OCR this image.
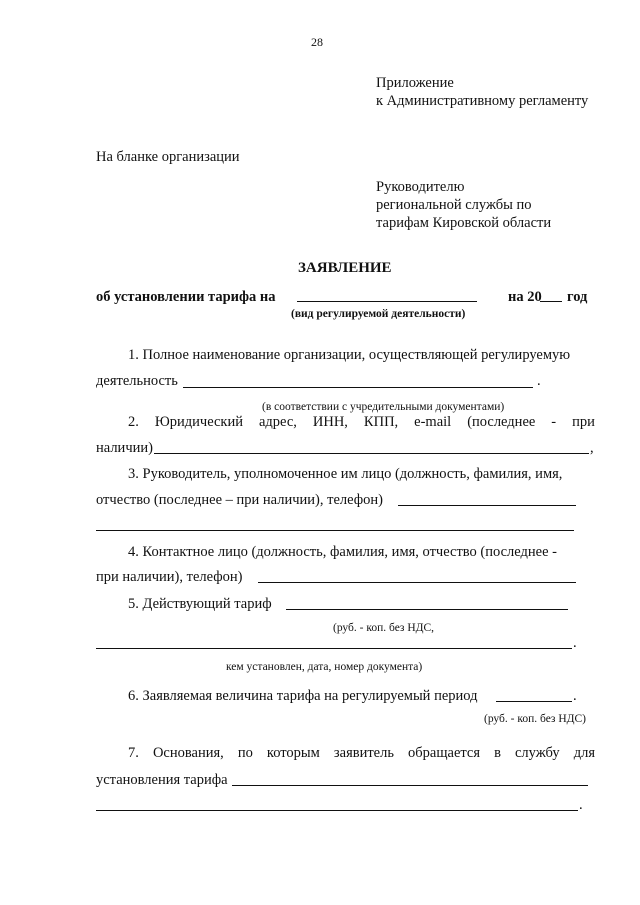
28
Приложение
к Административному регламенту
На бланке организации
Руководителю
региональной службы по
тарифам Кировской области
ЗАЯВЛЕНИЕ
об установлении тарифа на	на 20 год
(вид регулируемой деятельности)
1. Полное наименование организации, осуществляющей регулируемую
деятельность	.
(в соответствии с учредительными документами)
2. Юридический адрес, ИНН, КПП, e-mail (последнее - при
наличии)	,
3. Руководитель, уполномоченное им лицо (должность, фамилия, имя,
отчество (последнее – при наличии), телефон)
4. Контактное лицо (должность, фамилия, имя, отчество (последнее -
при наличии), телефон)
5. Действующий тариф
(руб. - коп. без НДС,
.
кем установлен, дата, номер документа)
6. Заявляемая величина тарифа на регулируемый период	.
(руб. - коп. без НДС)
7. Основания, по которым заявитель обращается в службу для
установления тарифа
.
